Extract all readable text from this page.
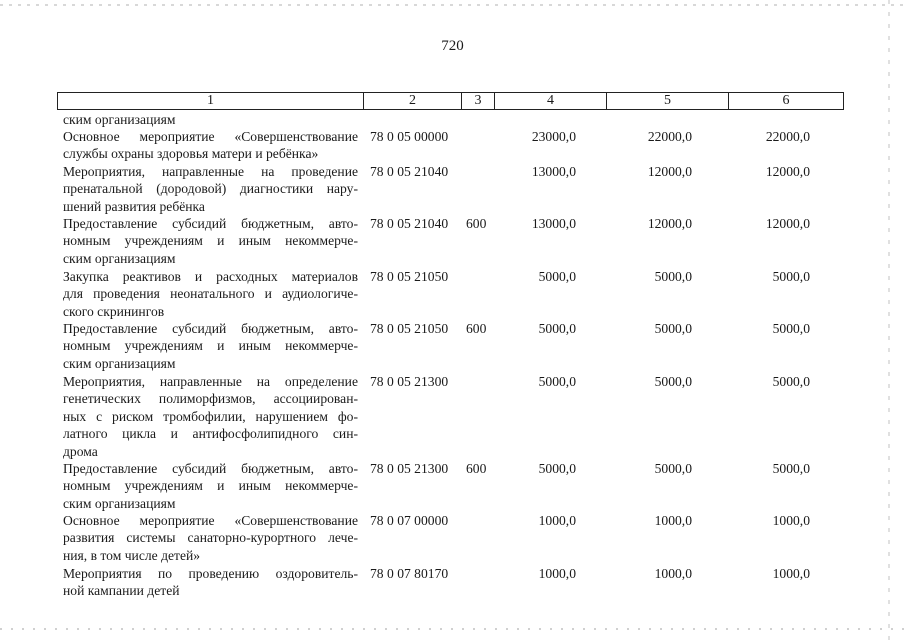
720
1	2	3	4	5	6
ским организациям
Основное мероприятие «Совершенствование
службы охраны здоровья матери и ребёнка»
78 0 05 00000	23000,0	22000,0	22000,0
Мероприятия, направленные на проведение
пренатальной (дородовой) диагностики нару-
шений развития ребёнка
78 0 05 21040	13000,0	12000,0	12000,0
Предоставление субсидий бюджетным, авто-
номным учреждениям и иным некоммерче-
ским организациям
78 0 05 21040 600	13000,0	12000,0	12000,0
Закупка реактивов и расходных материалов
для проведения неонатального и аудиологиче-
ского скринингов
78 0 05 21050	5000,0	5000,0	5000,0
Предоставление субсидий бюджетным, авто-
номным учреждениям и иным некоммерче-
ским организациям
78 0 05 21050 600	5000,0	5000,0	5000,0
Мероприятия, направленные на определение
генетических полиморфизмов, ассоциирован-
ных с риском тромбофилии, нарушением фо-
латного цикла и антифосфолипидного син-
дрома
78 0 05 21300	5000,0	5000,0	5000,0
Предоставление субсидий бюджетным, авто-
номным учреждениям и иным некоммерче-
ским организациям
78 0 05 21300 600	5000,0	5000,0	5000,0
Основное мероприятие «Совершенствование
развития системы санаторно-курортного лече-
ния, в том числе детей»
78 0 07 00000	1000,0	1000,0	1000,0
Мероприятия по проведению оздоровитель-
ной кампании детей
78 0 07 80170	1000,0	1000,0	1000,0
